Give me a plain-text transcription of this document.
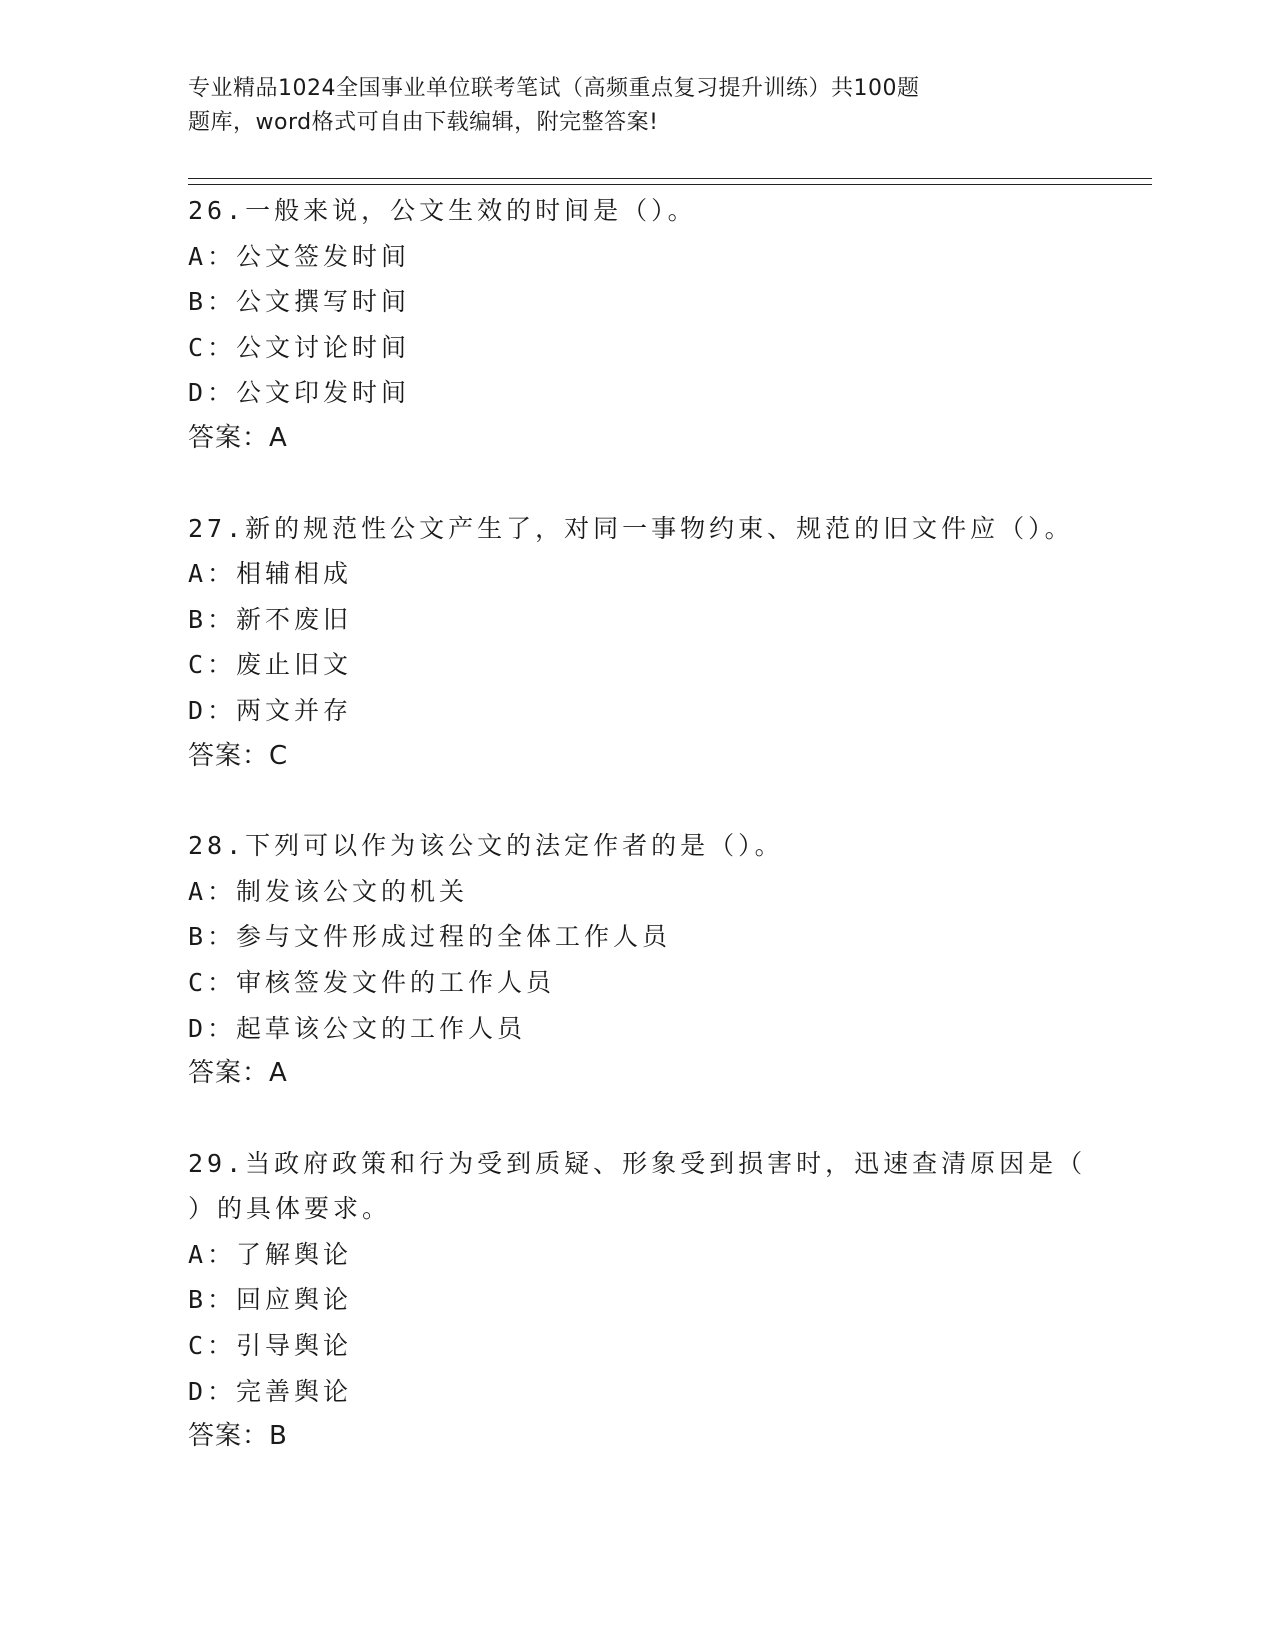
专业精品1024全国事业单位联考笔试（高频重点复习提升训练）共100题
题库，word格式可自由下载编辑，附完整答案!
26.一般来说，公文生效的时间是（）。
A：公文签发时间
B：公文撰写时间
C：公文讨论时间
D：公文印发时间
答案：A
27.新的规范性公文产生了，对同一事物约束、规范的旧文件应（）。
A：相辅相成
B：新不废旧
C：废止旧文
D：两文并存
答案：C
28.下列可以作为该公文的法定作者的是（）。
A：制发该公文的机关
B：参与文件形成过程的全体工作人员
C：审核签发文件的工作人员
D：起草该公文的工作人员
答案：A
29.当政府政策和行为受到质疑、形象受到损害时，迅速查清原因是（
）的具体要求。
A：了解舆论
B：回应舆论
C：引导舆论
D：完善舆论
答案：B
